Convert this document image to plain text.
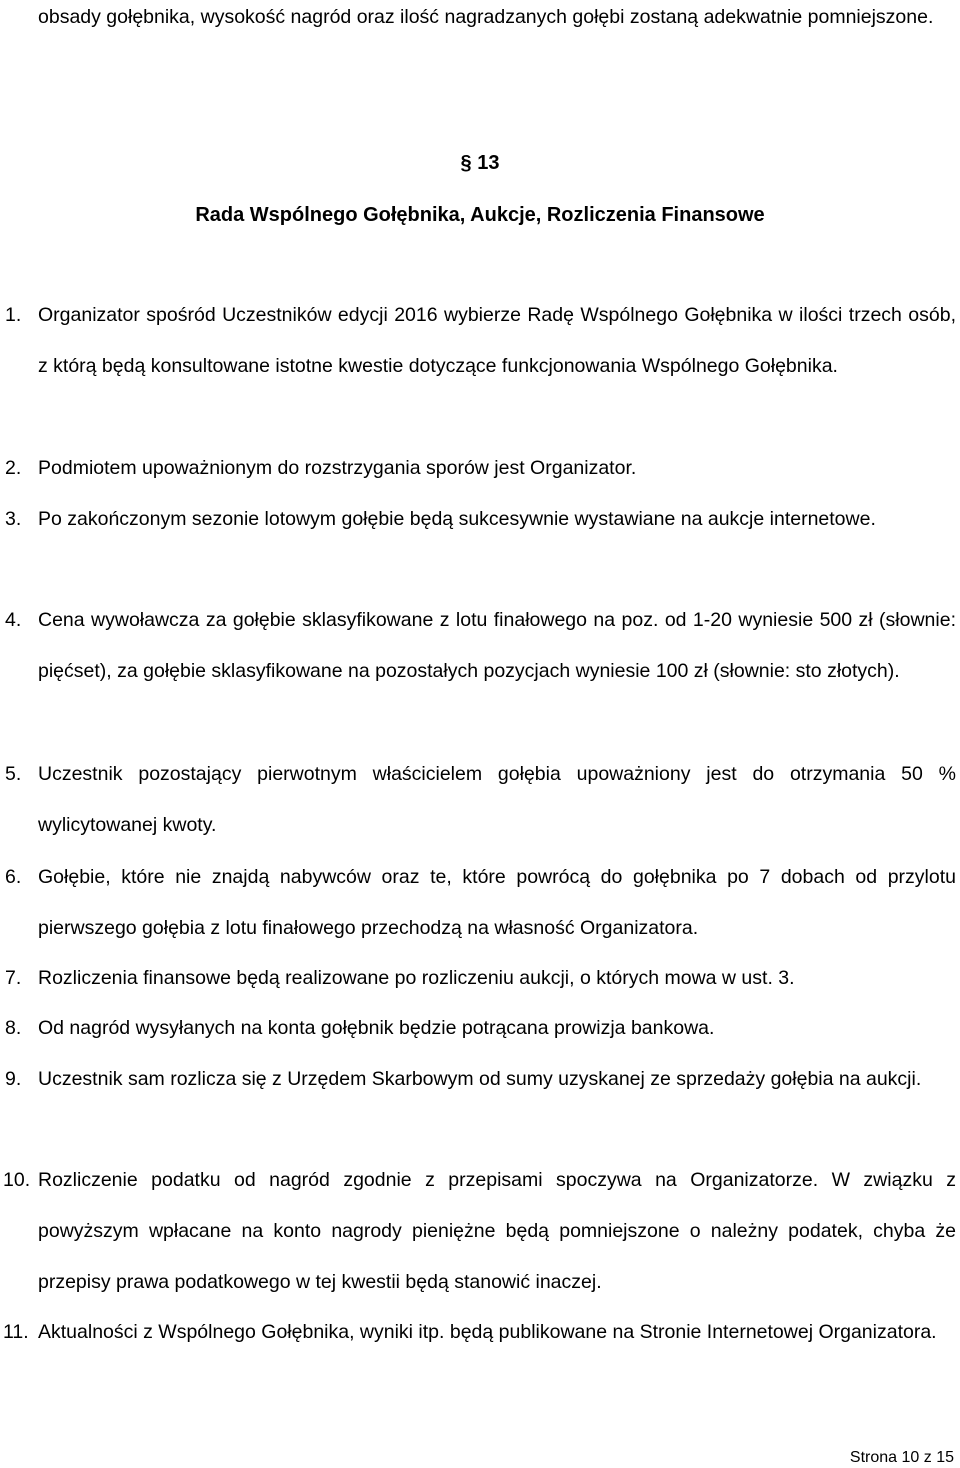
obsady gołębnika, wysokość nagród oraz ilość nagradzanych gołębi zostaną adekwatnie pomniejszone.

§ 13

Rada Wspólnego Gołębnika, Aukcje, Rozliczenia Finansowe

1. Organizator spośród Uczestników edycji 2016 wybierze Radę Wspólnego Gołębnika w ilości trzech osób, z którą będą konsultowane istotne kwestie dotyczące funkcjonowania Wspólnego Gołębnika.
2. Podmiotem upoważnionym do rozstrzygania sporów jest Organizator.
3. Po zakończonym sezonie lotowym gołębie będą sukcesywnie wystawiane na aukcje internetowe.
4. Cena wywoławcza za gołębie sklasyfikowane z lotu finałowego na poz. od 1-20 wyniesie 500 zł (słownie: pięćset), za gołębie sklasyfikowane na pozostałych pozycjach wyniesie 100 zł (słownie: sto złotych).
5. Uczestnik pozostający pierwotnym właścicielem gołębia upoważniony jest do otrzymania 50 % wylicytowanej kwoty.
6. Gołębie, które nie znajdą nabywców oraz te, które powrócą do gołębnika po 7 dobach od przylotu pierwszego gołębia z lotu finałowego przechodzą na własność Organizatora.
7. Rozliczenia finansowe będą realizowane po rozliczeniu aukcji, o których mowa w ust. 3.
8. Od nagród wysyłanych na konta gołębnik będzie potrącana prowizja bankowa.
9. Uczestnik sam rozlicza się z Urzędem Skarbowym od sumy uzyskanej ze sprzedaży gołębia na aukcji.
10. Rozliczenie podatku od nagród zgodnie z przepisami spoczywa na Organizatorze. W związku z powyższym wpłacane na konto nagrody pieniężne będą pomniejszone o należny podatek, chyba że przepisy prawa podatkowego w tej kwestii będą stanowić inaczej.
11. Aktualności z Wspólnego Gołębnika, wyniki itp. będą publikowane na Stronie Internetowej Organizatora.
Strona 10 z 15
